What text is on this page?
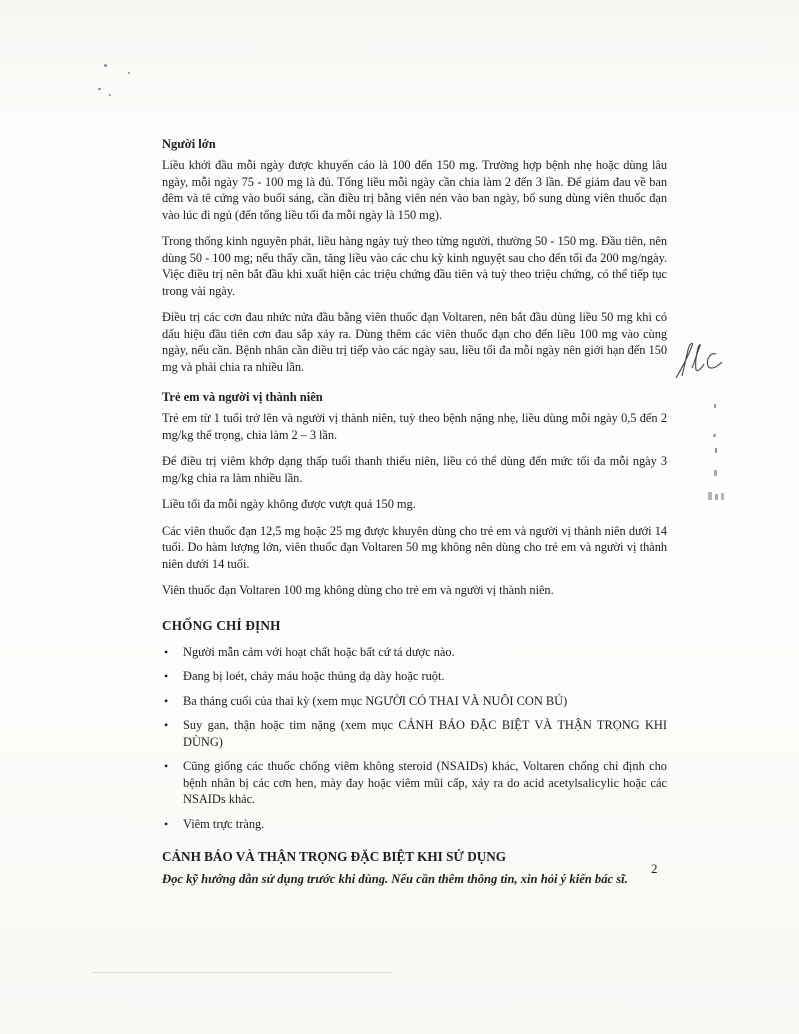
Người lớn

Liều khởi đầu mỗi ngày được khuyến cáo là 100 đến 150 mg. Trường hợp bệnh nhẹ hoặc dùng lâu ngày, mỗi ngày 75 - 100 mg là đủ. Tổng liều mỗi ngày cần chia làm 2 đến 3 lần. Để giảm đau về ban đêm và tê cứng vào buổi sáng, cần điều trị bằng viên nén vào ban ngày, bổ sung dùng viên thuốc đạn vào lúc đi ngủ (đến tổng liều tối đa mỗi ngày là 150 mg).

Trong thống kinh nguyên phát, liều hàng ngày tuỳ theo từng người, thường 50 - 150 mg. Đầu tiên, nên dùng 50 - 100 mg; nếu thấy cần, tăng liều vào các chu kỳ kinh nguyệt sau cho đến tối đa 200 mg/ngày. Việc điều trị nên bắt đầu khi xuất hiện các triệu chứng đầu tiên và tuỳ theo triệu chứng, có thể tiếp tục trong vài ngày.

Điều trị các cơn đau nhức nửa đầu bằng viên thuốc đạn Voltaren, nên bắt đầu dùng liều 50 mg khi có dấu hiệu đầu tiên cơn đau sắp xảy ra. Dùng thêm các viên thuốc đạn cho đến liều 100 mg vào cùng ngày, nếu cần. Bệnh nhân cần điều trị tiếp vào các ngày sau, liều tối đa mỗi ngày nên giới hạn đến 150 mg và phải chia ra nhiều lần.

Trẻ em và người vị thành niên

Trẻ em từ 1 tuổi trở lên và người vị thành niên, tuỳ theo bệnh nặng nhẹ, liều dùng mỗi ngày 0,5 đến 2 mg/kg thể trọng, chia làm 2 – 3 lần.

Để điều trị viêm khớp dạng thấp tuổi thanh thiếu niên, liều có thể dùng đến mức tối đa mỗi ngày 3 mg/kg chia ra làm nhiều lần.

Liều tối đa mỗi ngày không được vượt quá 150 mg.

Các viên thuốc đạn 12,5 mg hoặc 25 mg được khuyên dùng cho trẻ em và người vị thành niên dưới 14 tuổi. Do hàm lượng lớn, viên thuốc đạn Voltaren 50 mg không nên dùng cho trẻ em và người vị thành niên dưới 14 tuổi.

Viên thuốc đạn Voltaren 100 mg không dùng cho trẻ em và người vị thành niên.

CHỐNG CHỈ ĐỊNH
• Người mẫn cảm với hoạt chất hoặc bất cứ tá dược nào.
• Đang bị loét, chảy máu hoặc thủng dạ dày hoặc ruột.
• Ba tháng cuối của thai kỳ (xem mục NGƯỜI CÓ THAI VÀ NUÔI CON BÚ)
• Suy gan, thận hoặc tim nặng (xem mục CẢNH BÁO ĐẶC BIỆT VÀ THẬN TRỌNG KHI DÙNG)
• Cũng giống các thuốc chống viêm không steroid (NSAIDs) khác, Voltaren chống chỉ định cho bệnh nhân bị các cơn hen, mày đay hoặc viêm mũi cấp, xảy ra do acid acetylsalicylic hoặc các NSAIDs khác.
• Viêm trực tràng.
CẢNH BÁO VÀ THẬN TRỌNG ĐẶC BIỆT KHI SỬ DỤNG

Đọc kỹ hướng dẫn sử dụng trước khi dùng. Nếu cần thêm thông tin, xin hỏi ý kiến bác sĩ.

2
